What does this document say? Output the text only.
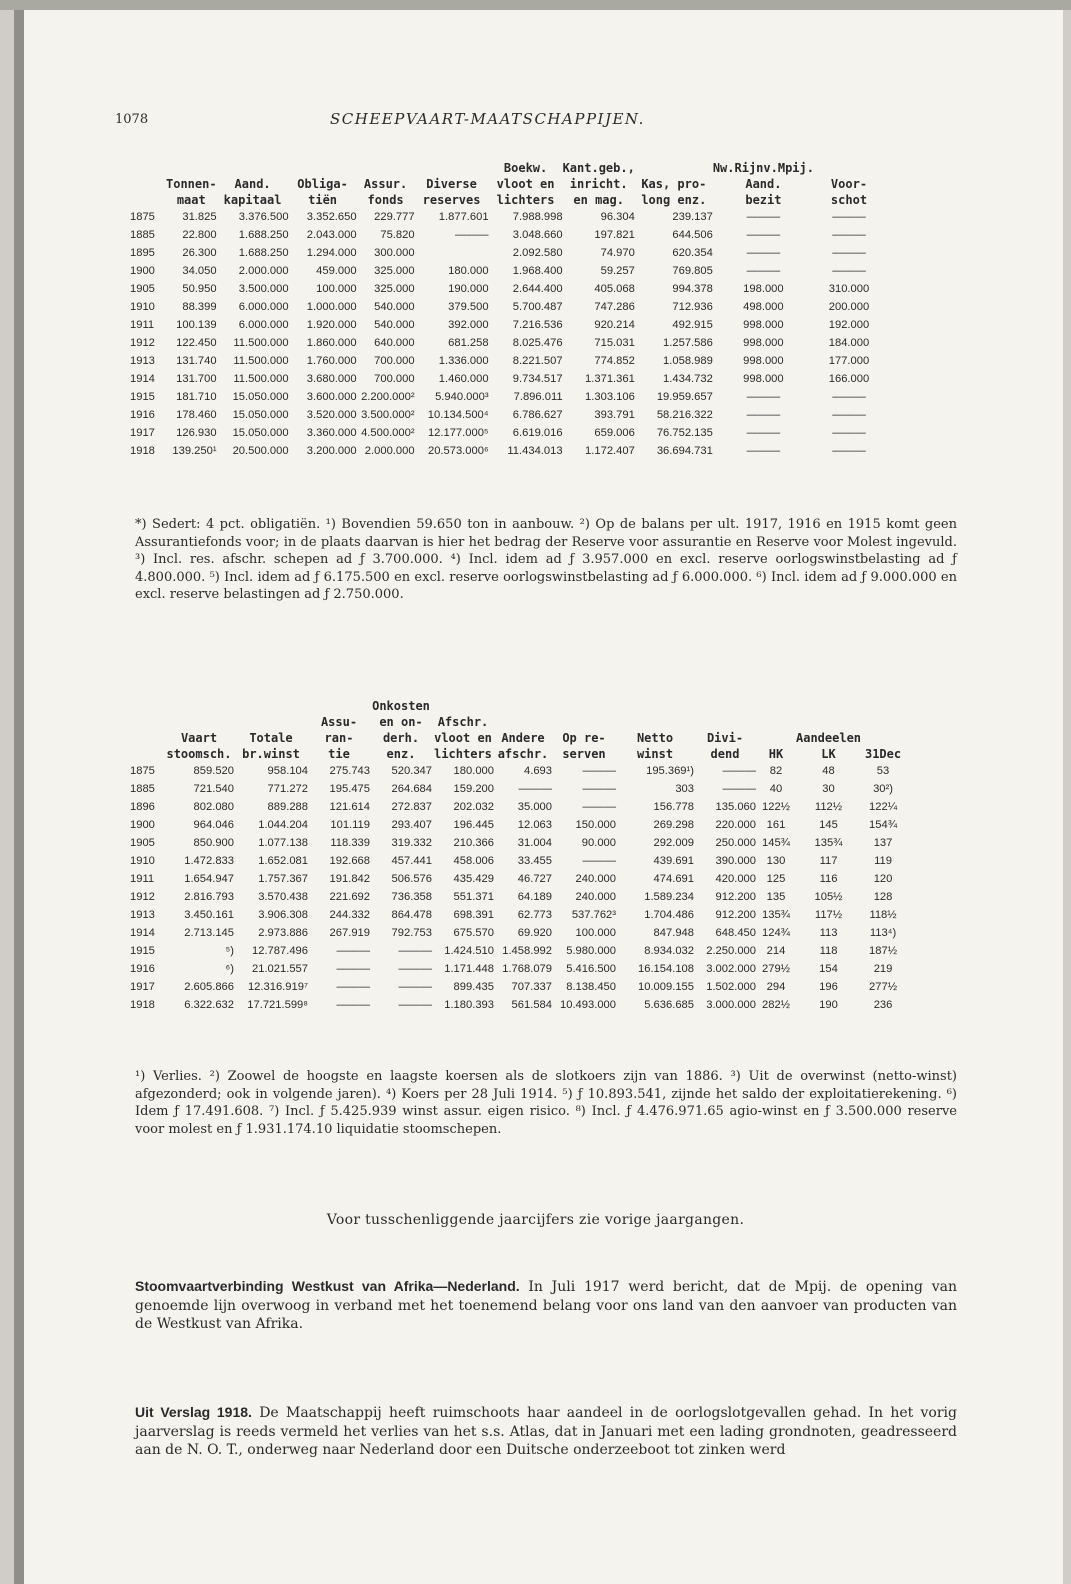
1078	SCHEEPVAART-MAATSCHAPPIJEN.
						Boekw.	Kant.geb.,		Nw.Rijnv.Mpij.	
	Tonnen-	Aand.	Obliga-	Assur.	Diverse	vloot en	inricht.	Kas, pro-	Aand.	Voor-
	maat	kapitaal	tiën	fonds	reserves	lichters	en mag.	long enz.	bezit	schot
1875	31.825	3.376.500	3.352.650	229.777	1.877.601	7.988.998	96.304	239.137	———	———
1885	22.800	1.688.250	2.043.000	75.820	———	3.048.660	197.821	644.506	———	———
1895	26.300	1.688.250	1.294.000	300.000		2.092.580	74.970	620.354	———	———
1900	34.050	2.000.000	459.000	325.000	180.000	1.968.400	59.257	769.805	———	———
1905	50.950	3.500.000	100.000	325.000	190.000	2.644.400	405.068	994.378	198.000	310.000
1910	88.399	6.000.000	1.000.000	540.000	379.500	5.700.487	747.286	712.936	498.000	200.000
1911	100.139	6.000.000	1.920.000	540.000	392.000	7.216.536	920.214	492.915	998.000	192.000
1912	122.450	11.500.000	1.860.000	640.000	681.258	8.025.476	715.031	1.257.586	998.000	184.000
1913	131.740	11.500.000	1.760.000	700.000	1.336.000	8.221.507	774.852	1.058.989	998.000	177.000
1914	131.700	11.500.000	3.680.000	700.000	1.460.000	9.734.517	1.371.361	1.434.732	998.000	166.000
1915	181.710	15.050.000	3.600.000	2.200.000²	5.940.000³	7.896.011	1.303.106	19.959.657	———	———
1916	178.460	15.050.000	3.520.000	3.500.000²	10.134.500⁴	6.786.627	393.791	58.216.322	———	———
1917	126.930	15.050.000	3.360.000	4.500.000²	12.177.000⁵	6.619.016	659.006	76.752.135	———	———
1918	139.250¹	20.500.000	3.200.000	2.000.000	20.573.000⁶	11.434.013	1.172.407	36.694.731	———	———
*) Sedert: 4 pct. obligatiën. ¹) Bovendien 59.650 ton in aanbouw. ²) Op de balans per ult. 1917, 1916 en 1915 komt geen Assurantiefonds voor; in de plaats daarvan is hier het bedrag der Reserve voor assurantie en Reserve voor Molest ingevuld. ³) Incl. res. afschr. schepen ad ƒ 3.700.000. ⁴) Incl. idem ad ƒ 3.957.000 en excl. reserve oorlogswinstbelasting ad ƒ 4.800.000. ⁵) Incl. idem ad ƒ 6.175.500 en excl. reserve oorlogswinstbelasting ad ƒ 6.000.000. ⁶) Incl. idem ad ƒ 9.000.000 en excl. reserve belastingen ad ƒ 2.750.000.
				Onkosten								
			Assu-	en on-	Afschr.							
	Vaart	Totale	ran-	derh.	vloot en	Andere	Op re-	Netto	Divi-		Aandeelen	
	stoomsch.	br.winst	tie	enz.	lichters	afschr.	serven	winst	dend	HK	LK	31Dec
1875	859.520	958.104	275.743	520.347	180.000	4.693	———	195.369¹)	———	82	48	53
1885	721.540	771.272	195.475	264.684	159.200	———	———	303	———	40	30	30²)
1896	802.080	889.288	121.614	272.837	202.032	35.000	———	156.778	135.060	122½	112½	122¼
1900	964.046	1.044.204	101.119	293.407	196.445	12.063	150.000	269.298	220.000	161	145	154¾
1905	850.900	1.077.138	118.339	319.332	210.366	31.004	90.000	292.009	250.000	145¾	135¾	137
1910	1.472.833	1.652.081	192.668	457.441	458.006	33.455	———	439.691	390.000	130	117	119
1911	1.654.947	1.757.367	191.842	506.576	435.429	46.727	240.000	474.691	420.000	125	116	120
1912	2.816.793	3.570.438	221.692	736.358	551.371	64.189	240.000	1.589.234	912.200	135	105½	128
1913	3.450.161	3.906.308	244.332	864.478	698.391	62.773	537.762³	1.704.486	912.200	135¾	117½	118½
1914	2.713.145	2.973.886	267.919	792.753	675.570	69.920	100.000	847.948	648.450	124¾	113	113⁴)
1915	⁵)	12.787.496	———	———	1.424.510	1.458.992	5.980.000	8.934.032	2.250.000	214	118	187½
1916	⁶)	21.021.557	———	———	1.171.448	1.768.079	5.416.500	16.154.108	3.002.000	279½	154	219
1917	2.605.866	12.316.919⁷	———	———	899.435	707.337	8.138.450	10.009.155	1.502.000	294	196	277½
1918	6.322.632	17.721.599⁸	———	———	1.180.393	561.584	10.493.000	5.636.685	3.000.000	282½	190	236
¹) Verlies. ²) Zoowel de hoogste en laagste koersen als de slotkoers zijn van 1886. ³) Uit de overwinst (netto-winst) afgezonderd; ook in volgende jaren). ⁴) Koers per 28 Juli 1914. ⁵) ƒ 10.893.541, zijnde het saldo der exploitatierekening. ⁶) Idem ƒ 17.491.608. ⁷) Incl. ƒ 5.425.939 winst assur. eigen risico. ⁸) Incl. ƒ 4.476.971.65 agio-winst en ƒ 3.500.000 reserve voor molest en ƒ 1.931.174.10 liquidatie stoomschepen.
Voor tusschenliggende jaarcijfers zie vorige jaargangen.
Stoomvaartverbinding Westkust van Afrika—Nederland. In Juli 1917 werd bericht, dat de Mpij. de opening van genoemde lijn overwoog in verband met het toenemend belang voor ons land van den aanvoer van producten van de Westkust van Afrika.
Uit Verslag 1918. De Maatschappij heeft ruimschoots haar aandeel in de oorlogslotgevallen gehad. In het vorig jaarverslag is reeds vermeld het verlies van het s.s. Atlas, dat in Januari met een lading grondnoten, geadresseerd aan de N. O. T., onderweg naar Nederland door een Duitsche onderzeeboot tot zinken werd
